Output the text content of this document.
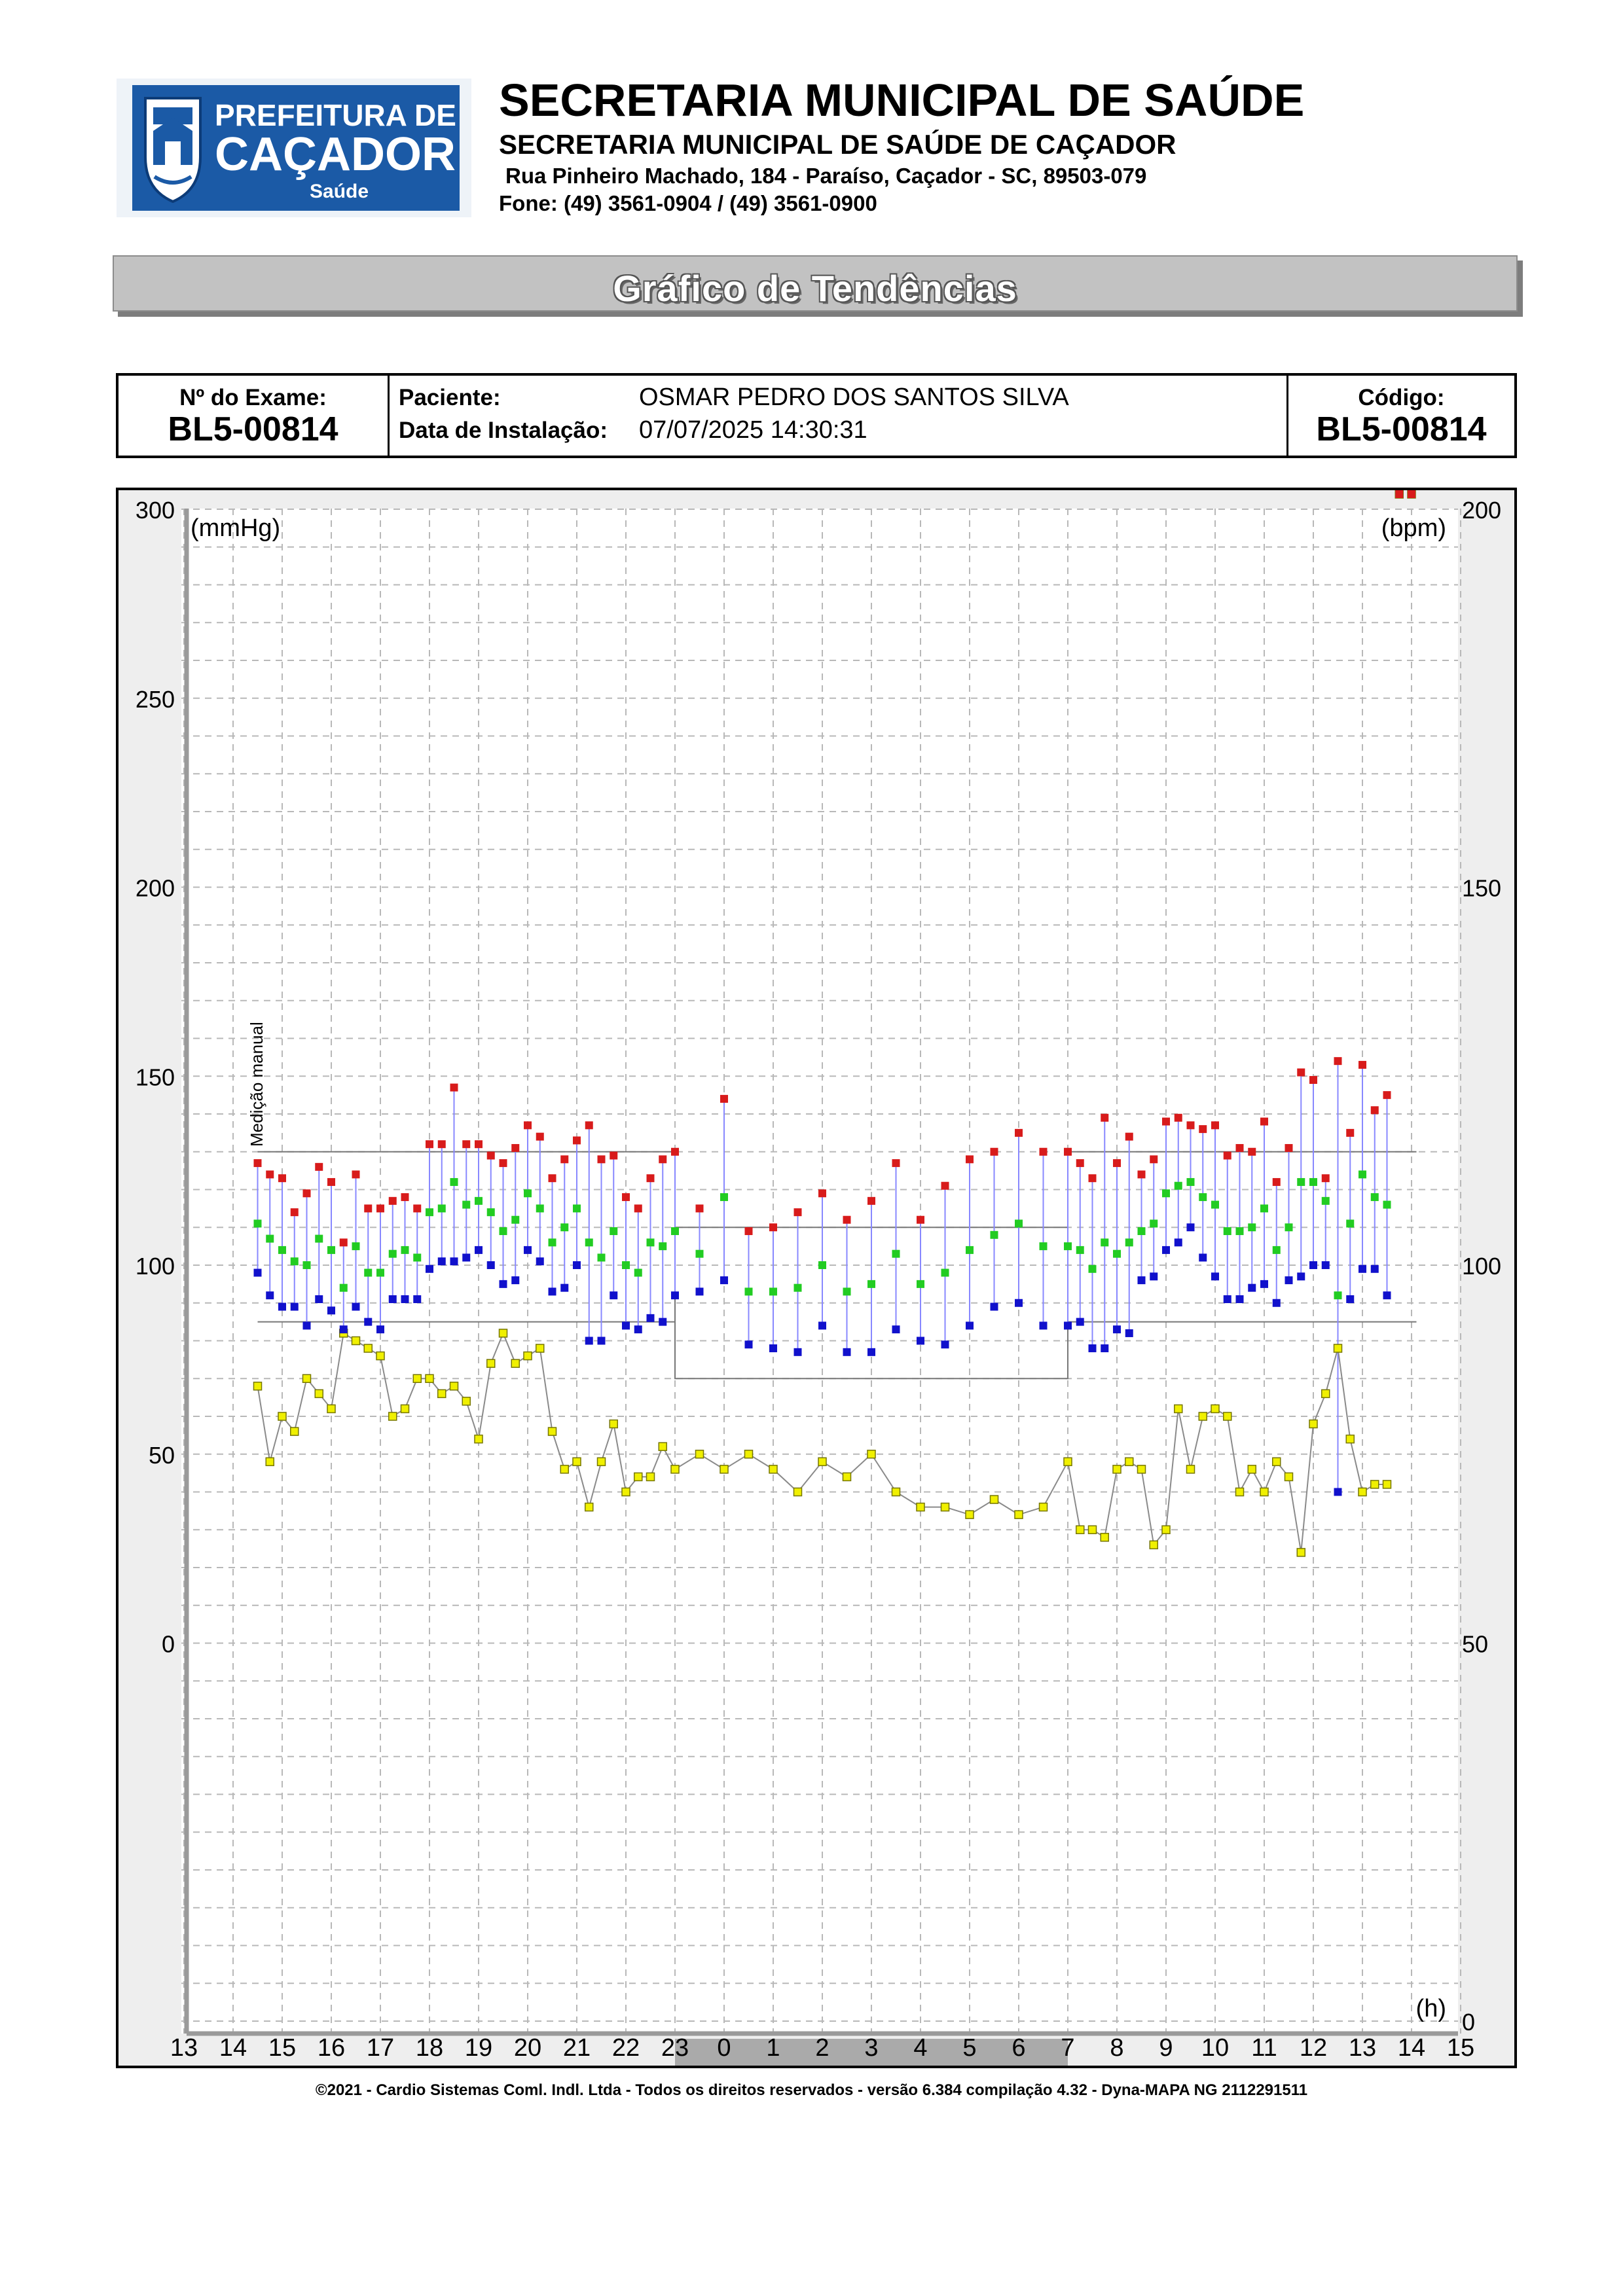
PREFEITURA DE
CAÇADOR
Saúde
SECRETARIA MUNICIPAL DE SAÚDE
SECRETARIA MUNICIPAL DE SAÚDE DE CAÇADOR
Rua Pinheiro Machado, 184 - Paraíso, Caçador - SC, 89503-079
Fone: (49) 3561-0904 / (49) 3561-0900
Gráfico de Tendências
Nº do Exame:
BL5-00814
Paciente:	OSMAR PEDRO DOS SANTOS SILVA
Data de Instalação: 07/07/2025 14:30:31
Código:
BL5-00814
0
50
100
150
200
250
300
0
50
100
150
200
13 14 15 16 17 18 19 20 21 22 23 0 1 2 3 4 5 6 7 8 9 10 11 12 13 14 15
(mmHg)	(bpm)
(h)
Medição manual
©2021 - Cardio Sistemas Coml. Indl. Ltda - Todos os direitos reservados - versão 6.384 compilação 4.32 - Dyna-MAPA NG 2112291511
